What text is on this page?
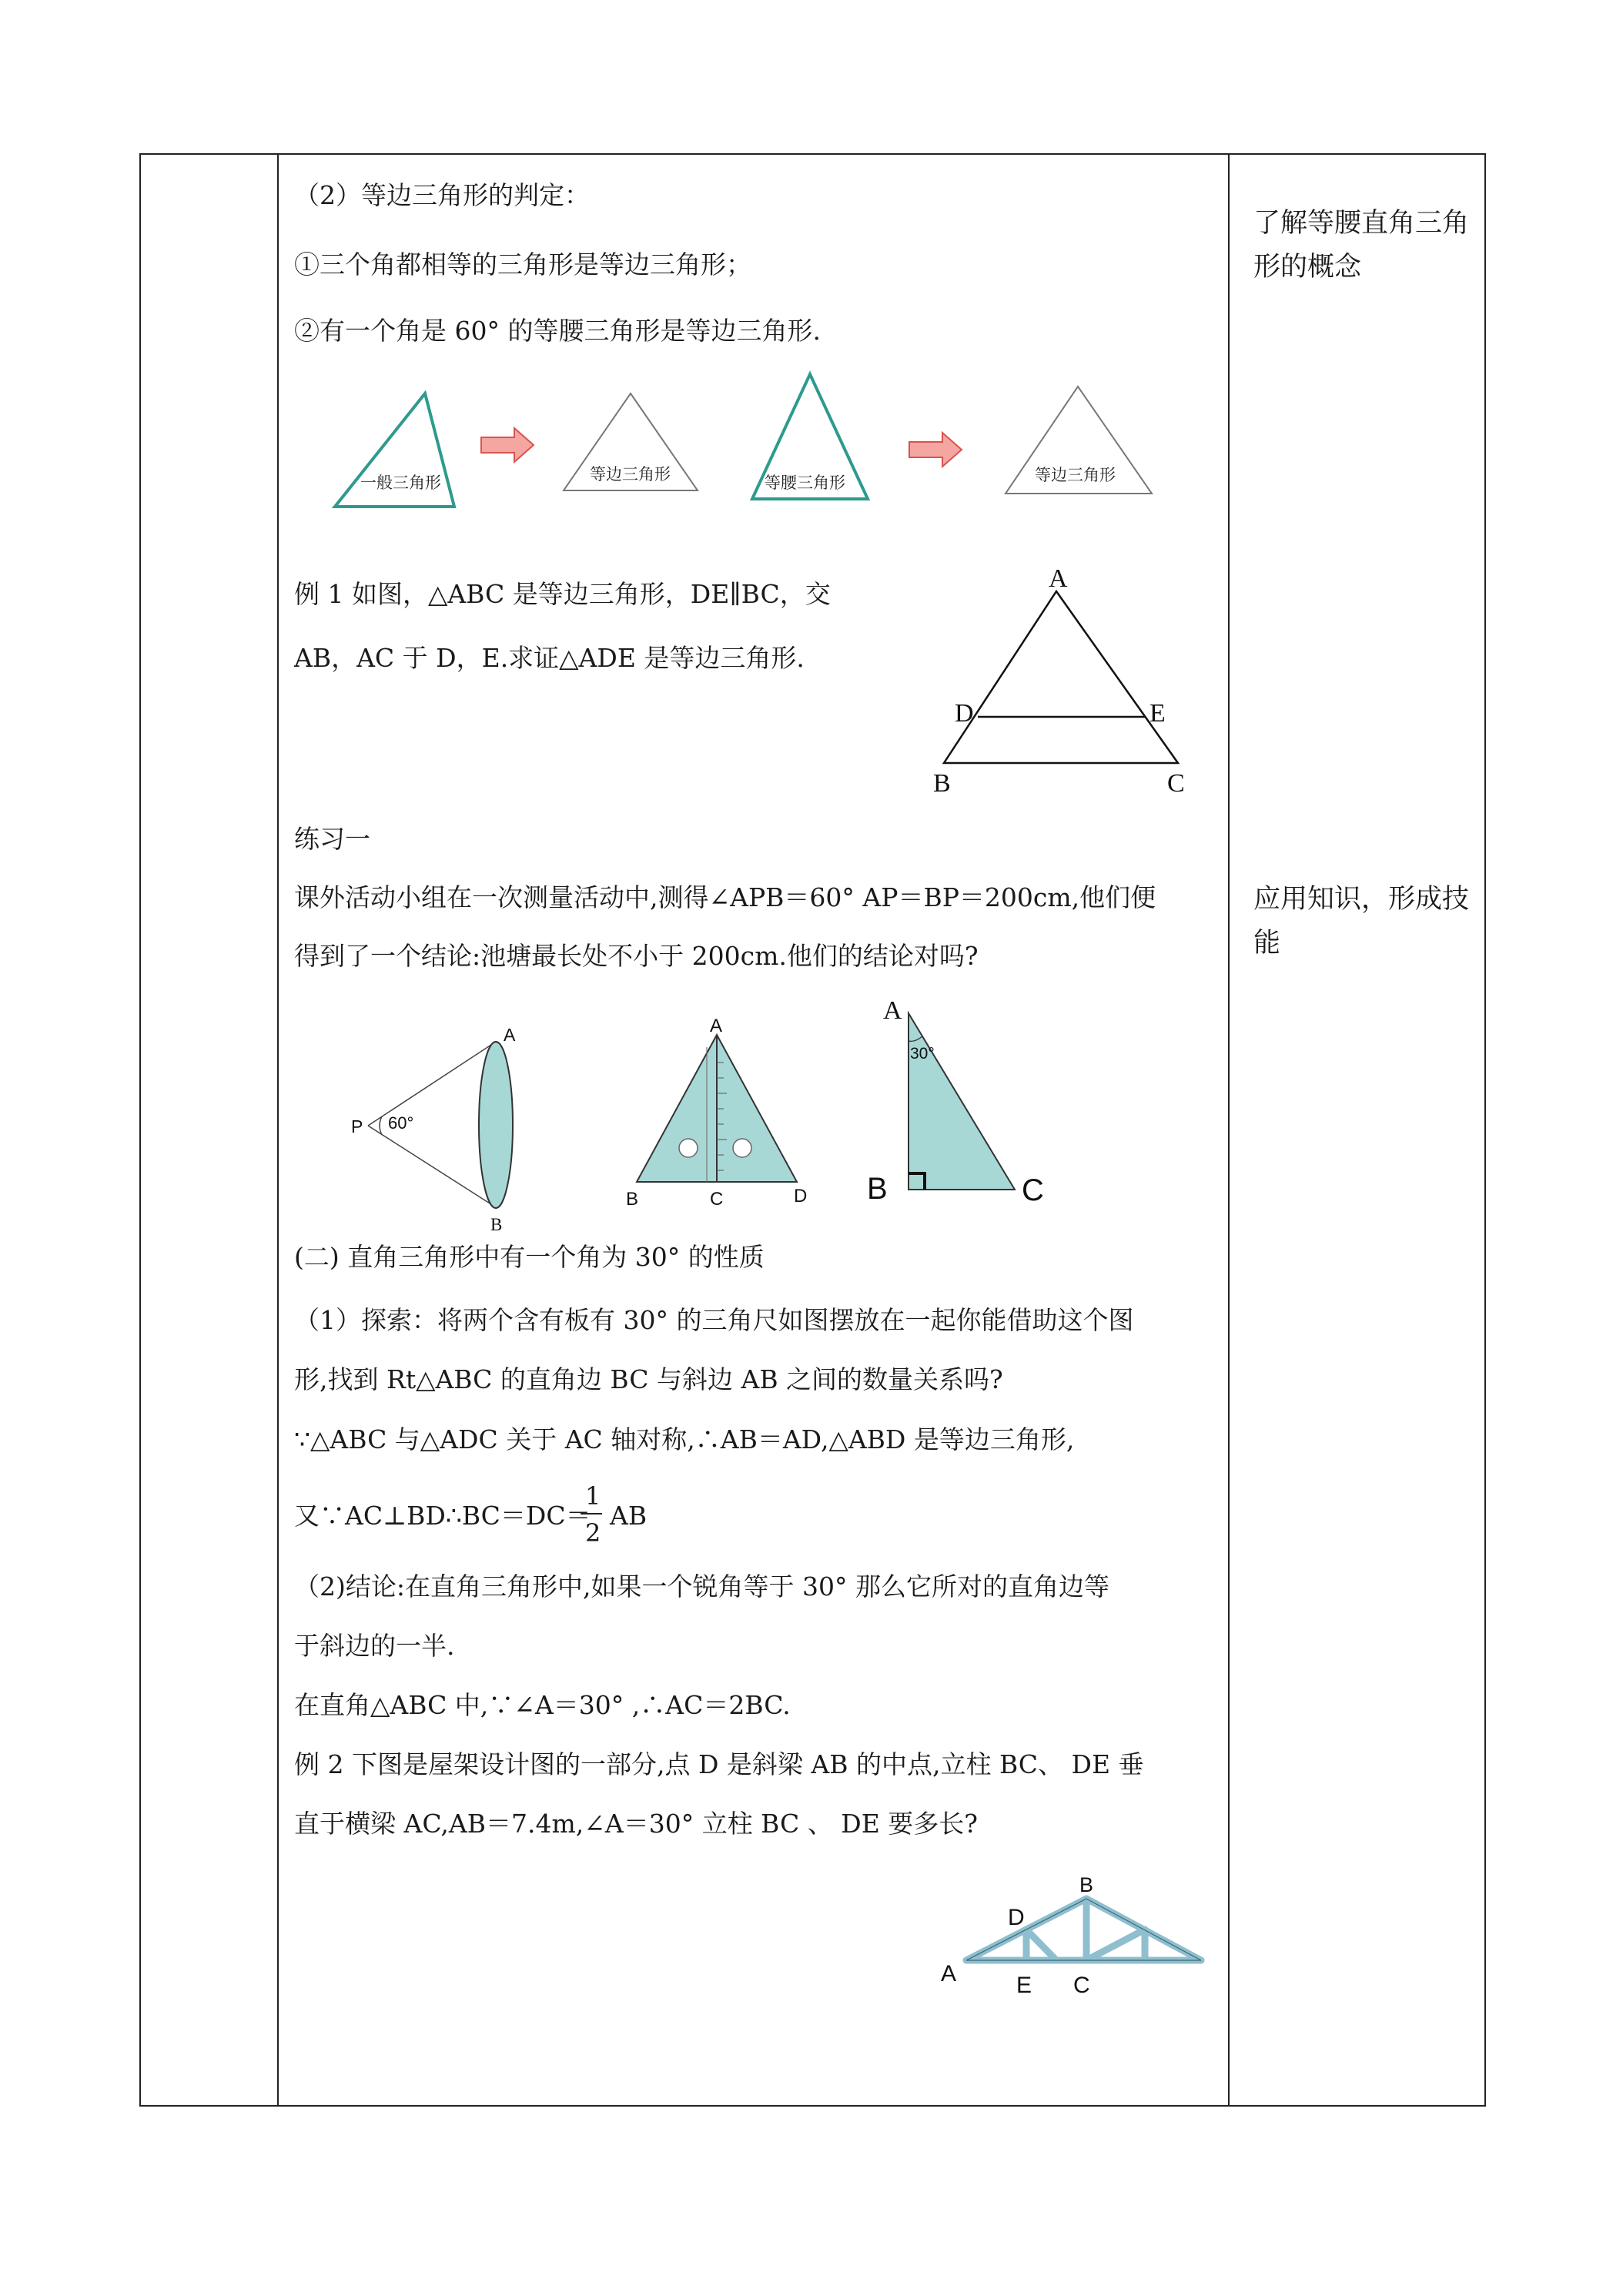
（2）等边三角形的判定：
①三个角都相等的三角形是等边三角形；
②有一个角是 60° 的等腰三角形是等边三角形.
例 1 如图，△ABC 是等边三角形，DE∥BC，交
AB，AC 于 D，E.求证△ADE 是等边三角形.
练习一
课外活动小组在一次测量活动中,测得∠APB＝60° AP＝BP＝200cm,他们便
得到了一个结论:池塘最长处不小于 200cm.他们的结论对吗?
(二) 直角三角形中有一个角为 30° 的性质
（1）探索：将两个含有板有 30° 的三角尺如图摆放在一起你能借助这个图
形,找到 Rt△ABC 的直角边 BC 与斜边 AB 之间的数量关系吗?
∵△ABC 与△ADC 关于 AC 轴对称,∴AB＝AD,△ABD 是等边三角形,
又∵AC⊥BD∴BC＝DC＝
1
2
AB
（2)结论:在直角三角形中,如果一个锐角等于 30° 那么它所对的直角边等
于斜边的一半.
在直角△ABC 中,∵∠A＝30° ,∴AC＝2BC.
例 2 下图是屋架设计图的一部分,点 D 是斜梁 AB 的中点,立柱 BC、 DE 垂
直于横梁 AC,AB＝7.4m,∠A＝30° 立柱 BC 、 DE 要多长?
了解等腰直角三角形的概念
应用知识，形成技能
一般三角形	等边三角形	等腰三角形	等边三角形
A
D	E
B	C
P 60°
A
B
A
B	C	D
A
30°
B	C
B
D
A	E C
